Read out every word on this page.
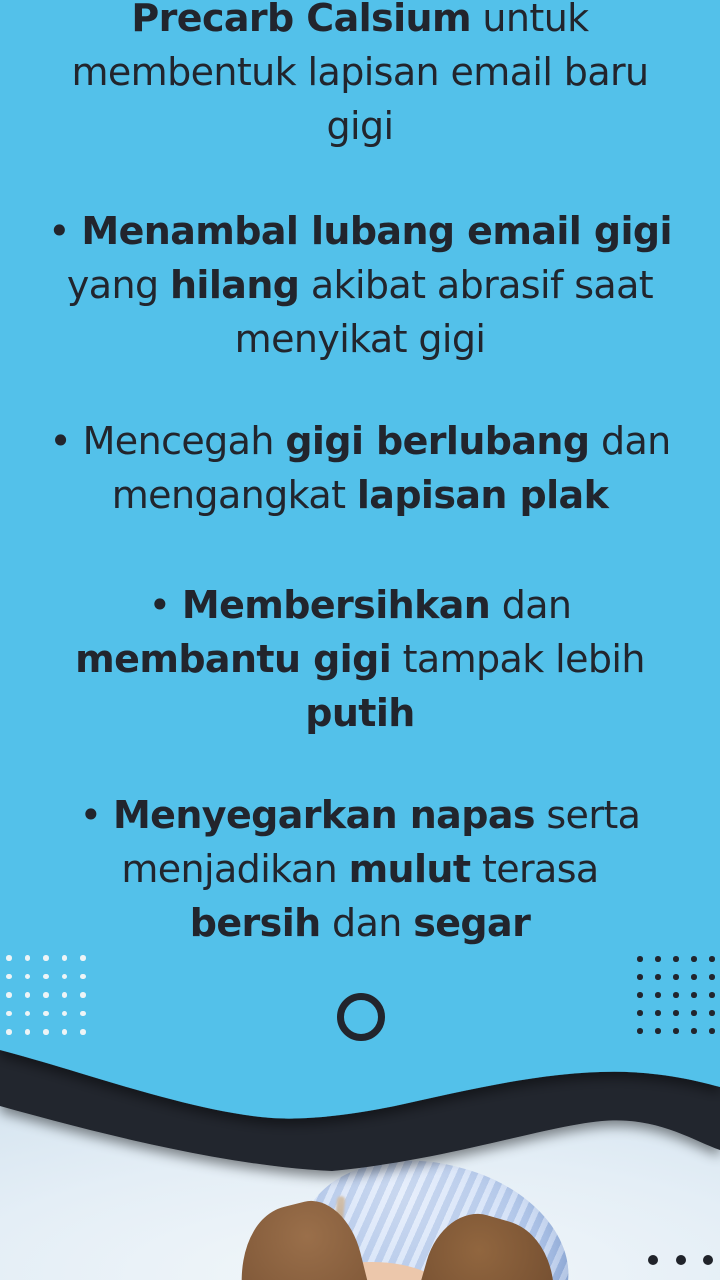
Precarb Calsium untuk
membentuk lapisan email baru
gigi

• Menambal lubang email gigi
yang hilang akibat abrasif saat
menyikat gigi

• Mencegah gigi berlubang dan
mengangkat lapisan plak

• Membersihkan dan
membantu gigi tampak lebih
putih

• Menyegarkan napas serta
menjadikan mulut terasa
bersih dan segar
